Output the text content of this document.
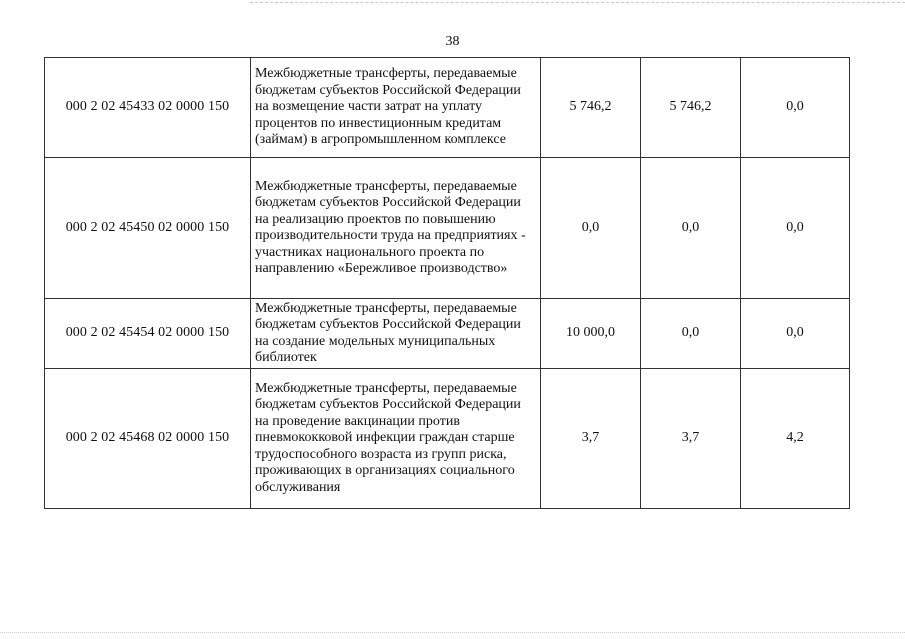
38
000 2 02 45433 02 0000 150	Межбюджетные трансферты, передаваемые бюджетам субъектов Российской Федерации на возмещение части затрат на уплату процентов по инвестиционным кредитам (займам) в агропромышленном комплексе	5 746,2	5 746,2	0,0
000 2 02 45450 02 0000 150	Межбюджетные трансферты, передаваемые бюджетам субъектов Российской Федерации на реализацию проектов по повышению производительности труда на предприятиях - участниках национального проекта по направлению «Бережливое производство»	0,0	0,0	0,0
000 2 02 45454 02 0000 150	Межбюджетные трансферты, передаваемые бюджетам субъектов Российской Федерации на создание модельных муниципальных библиотек	10 000,0	0,0	0,0
000 2 02 45468 02 0000 150	Межбюджетные трансферты, передаваемые бюджетам субъектов Российской Федерации на проведение вакцинации против пневмококковой инфекции граждан старше трудоспособного возраста из групп риска, проживающих в организациях социального обслуживания	3,7	3,7	4,2
